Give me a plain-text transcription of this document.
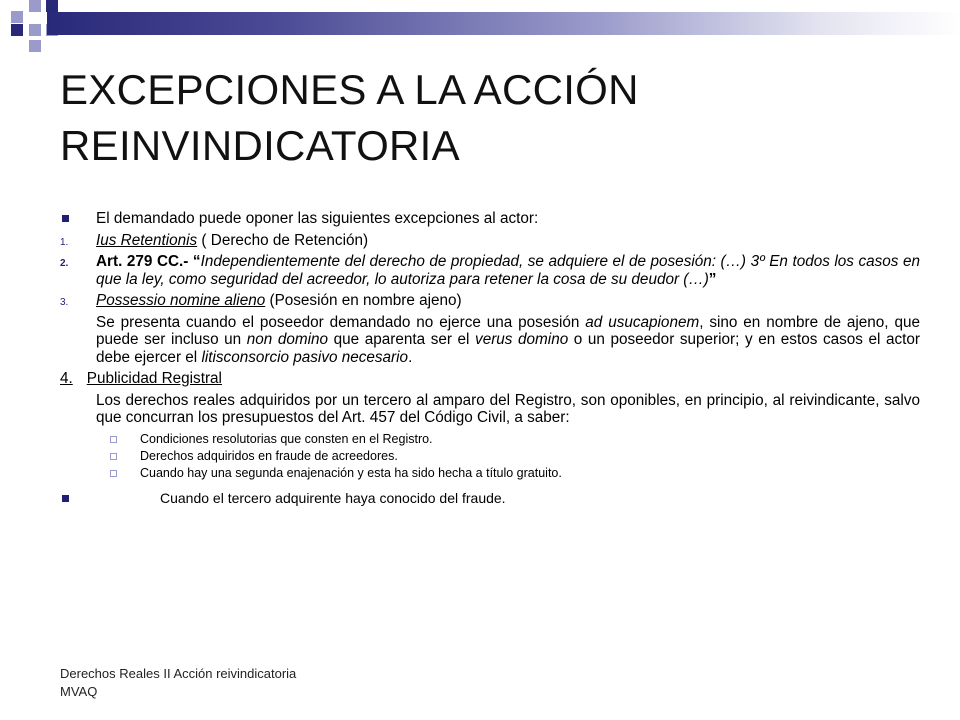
EXCEPCIONES A LA ACCIÓN REINVINDICATORIA
El demandado puede oponer las siguientes excepciones al actor:
1. Ius Retentionis ( Derecho de Retención)
2. Art. 279 CC.- “Independientemente del derecho de propiedad, se adquiere el de posesión: (…) 3º En todos los casos en que la ley, como seguridad del acreedor, lo autoriza para retener la cosa de su deudor (…)”
3. Possessio nomine alieno (Posesión en nombre ajeno)
Se presenta cuando el poseedor demandado no ejerce una posesión ad usucapionem, sino en nombre de ajeno, que puede ser incluso un non domino que aparenta ser el verus domino o un poseedor superior; y en estos casos el actor debe ejercer el litisconsorcio pasivo necesario.
4. Publicidad Registral
Los derechos reales adquiridos por un tercero al amparo del Registro, son oponibles, en principio, al reivindicante, salvo que concurran los presupuestos del Art. 457 del Código Civil, a saber:
Condiciones resolutorias que consten en el Registro.
Derechos adquiridos en fraude de acreedores.
Cuando hay una segunda enajenación y esta ha sido hecha a título gratuito.
Cuando el tercero adquirente haya conocido del fraude.
Derechos Reales II Acción reivindicatoria MVAQ
